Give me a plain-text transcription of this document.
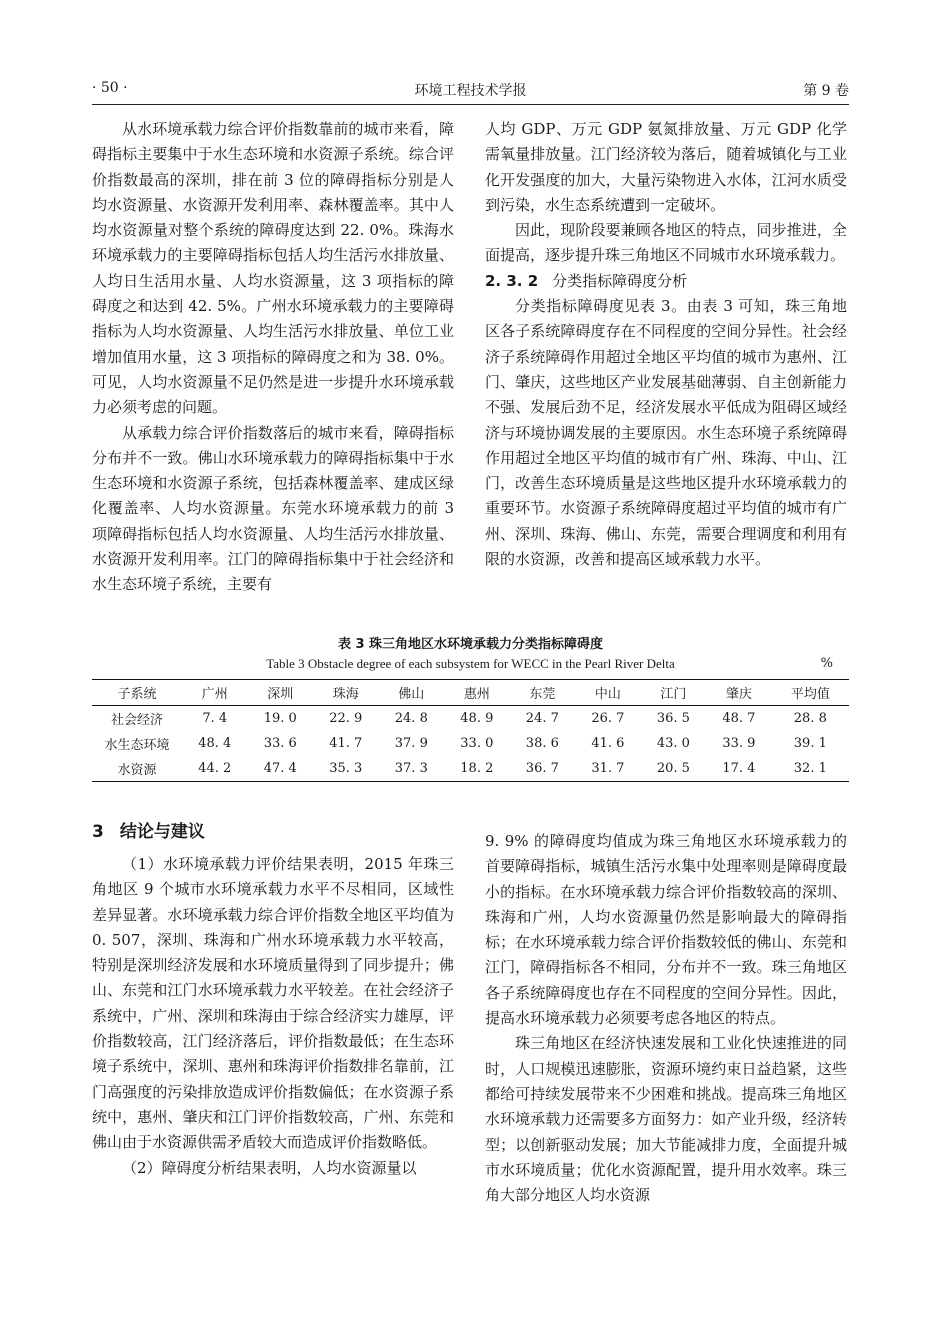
· 50 ·	环境工程技术学报	第 9 卷

从水环境承载力综合评价指数靠前的城市来看，障碍指标主要集中于水生态环境和水资源子系统。综合评价指数最高的深圳，排在前 3 位的障碍指标分别是人均水资源量、水资源开发利用率、森林覆盖率。其中人均水资源量对整个系统的障碍度达到 22. 0%。珠海水环境承载力的主要障碍指标包括人均生活污水排放量、人均日生活用水量、人均水资源量，这 3 项指标的障碍度之和达到 42. 5%。广州水环境承载力的主要障碍指标为人均水资源量、人均生活污水排放量、单位工业增加值用水量，这 3 项指标的障碍度之和为 38. 0%。可见，人均水资源量不足仍然是进一步提升水环境承载力必须考虑的问题。

从承载力综合评价指数落后的城市来看，障碍指标分布并不一致。佛山水环境承载力的障碍指标集中于水生态环境和水资源子系统，包括森林覆盖率、建成区绿化覆盖率、人均水资源量。东莞水环境承载力的前 3 项障碍指标包括人均水资源量、人均生活污水排放量、水资源开发利用率。江门的障碍指标集中于社会经济和水生态环境子系统，主要有

人均 GDP、万元 GDP 氨氮排放量、万元 GDP 化学需氧量排放量。江门经济较为落后，随着城镇化与工业化开发强度的加大，大量污染物进入水体，江河水质受到污染，水生态系统遭到一定破坏。

因此，现阶段要兼顾各地区的特点，同步推进，全面提高，逐步提升珠三角地区不同城市水环境承载力。

2. 3. 2 分类指标障碍度分析

分类指标障碍度见表 3。由表 3 可知，珠三角地区各子系统障碍度存在不同程度的空间分异性。社会经济子系统障碍作用超过全地区平均值的城市为惠州、江门、肇庆，这些地区产业发展基础薄弱、自主创新能力不强、发展后劲不足，经济发展水平低成为阻碍区域经济与环境协调发展的主要原因。水生态环境子系统障碍作用超过全地区平均值的城市有广州、珠海、中山、江门，改善生态环境质量是这些地区提升水环境承载力的重要环节。水资源子系统障碍度超过平均值的城市有广州、深圳、珠海、佛山、东莞，需要合理调度和利用有限的水资源，改善和提高区域承载力水平。

表 3 珠三角地区水环境承载力分类指标障碍度
Table 3 Obstacle degree of each subsystem for WECC in the Pearl River Delta	%
子系统	广州	深圳	珠海	佛山	惠州	东莞	中山	江门	肇庆	平均值
社会经济	7. 4	19. 0	22. 9	24. 8	48. 9	24. 7	26. 7	36. 5	48. 7	28. 8
水生态环境	48. 4	33. 6	41. 7	37. 9	33. 0	38. 6	41. 6	43. 0	33. 9	39. 1
水资源	44. 2	47. 4	35. 3	37. 3	18. 2	36. 7	31. 7	20. 5	17. 4	32. 1
3 结论与建议

（1）水环境承载力评价结果表明，2015 年珠三角地区 9 个城市水环境承载力水平不尽相同，区域性差异显著。水环境承载力综合评价指数全地区平均值为 0. 507，深圳、珠海和广州水环境承载力水平较高，特别是深圳经济发展和水环境质量得到了同步提升；佛山、东莞和江门水环境承载力水平较差。在社会经济子系统中，广州、深圳和珠海由于综合经济实力雄厚，评价指数较高，江门经济落后，评价指数最低；在生态环境子系统中，深圳、惠州和珠海评价指数排名靠前，江门高强度的污染排放造成评价指数偏低；在水资源子系统中，惠州、肇庆和江门评价指数较高，广州、东莞和佛山由于水资源供需矛盾较大而造成评价指数略低。

（2）障碍度分析结果表明，人均水资源量以

9. 9% 的障碍度均值成为珠三角地区水环境承载力的首要障碍指标，城镇生活污水集中处理率则是障碍度最小的指标。在水环境承载力综合评价指数较高的深圳、珠海和广州，人均水资源量仍然是影响最大的障碍指标；在水环境承载力综合评价指数较低的佛山、东莞和江门，障碍指标各不相同，分布并不一致。珠三角地区各子系统障碍度也存在不同程度的空间分异性。因此，提高水环境承载力必须要考虑各地区的特点。

珠三角地区在经济快速发展和工业化快速推进的同时，人口规模迅速膨胀，资源环境约束日益趋紧，这些都给可持续发展带来不少困难和挑战。提高珠三角地区水环境承载力还需要多方面努力：如产业升级，经济转型；以创新驱动发展；加大节能减排力度，全面提升城市水环境质量；优化水资源配置，提升用水效率。珠三角大部分地区人均水资源
